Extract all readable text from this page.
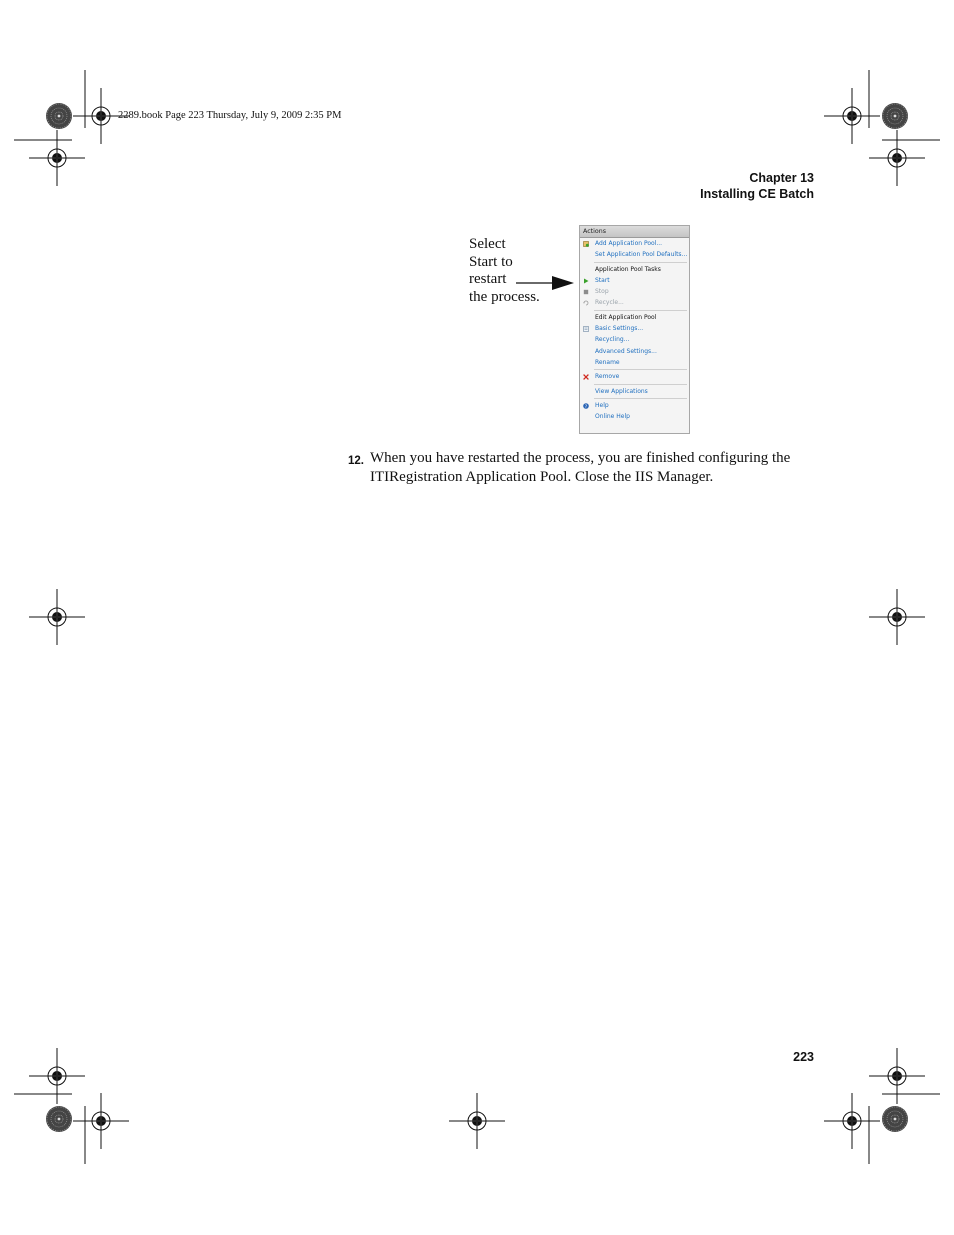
2289.book Page 223 Thursday, July 9, 2009 2:35 PM
Chapter 13
Installing CE Batch
Select
Start to
restart
the process.
Actions
Add Application Pool...
Set Application Pool Defaults...
Application Pool Tasks
Start
Stop
Recycle...
Edit Application Pool
Basic Settings...
Recycling...
Advanced Settings...
Rename
Remove
View Applications
? Help
Online Help
12. When you have restarted the process, you are finished configuring the ITIRegistration Application Pool. Close the IIS Manager.
223
